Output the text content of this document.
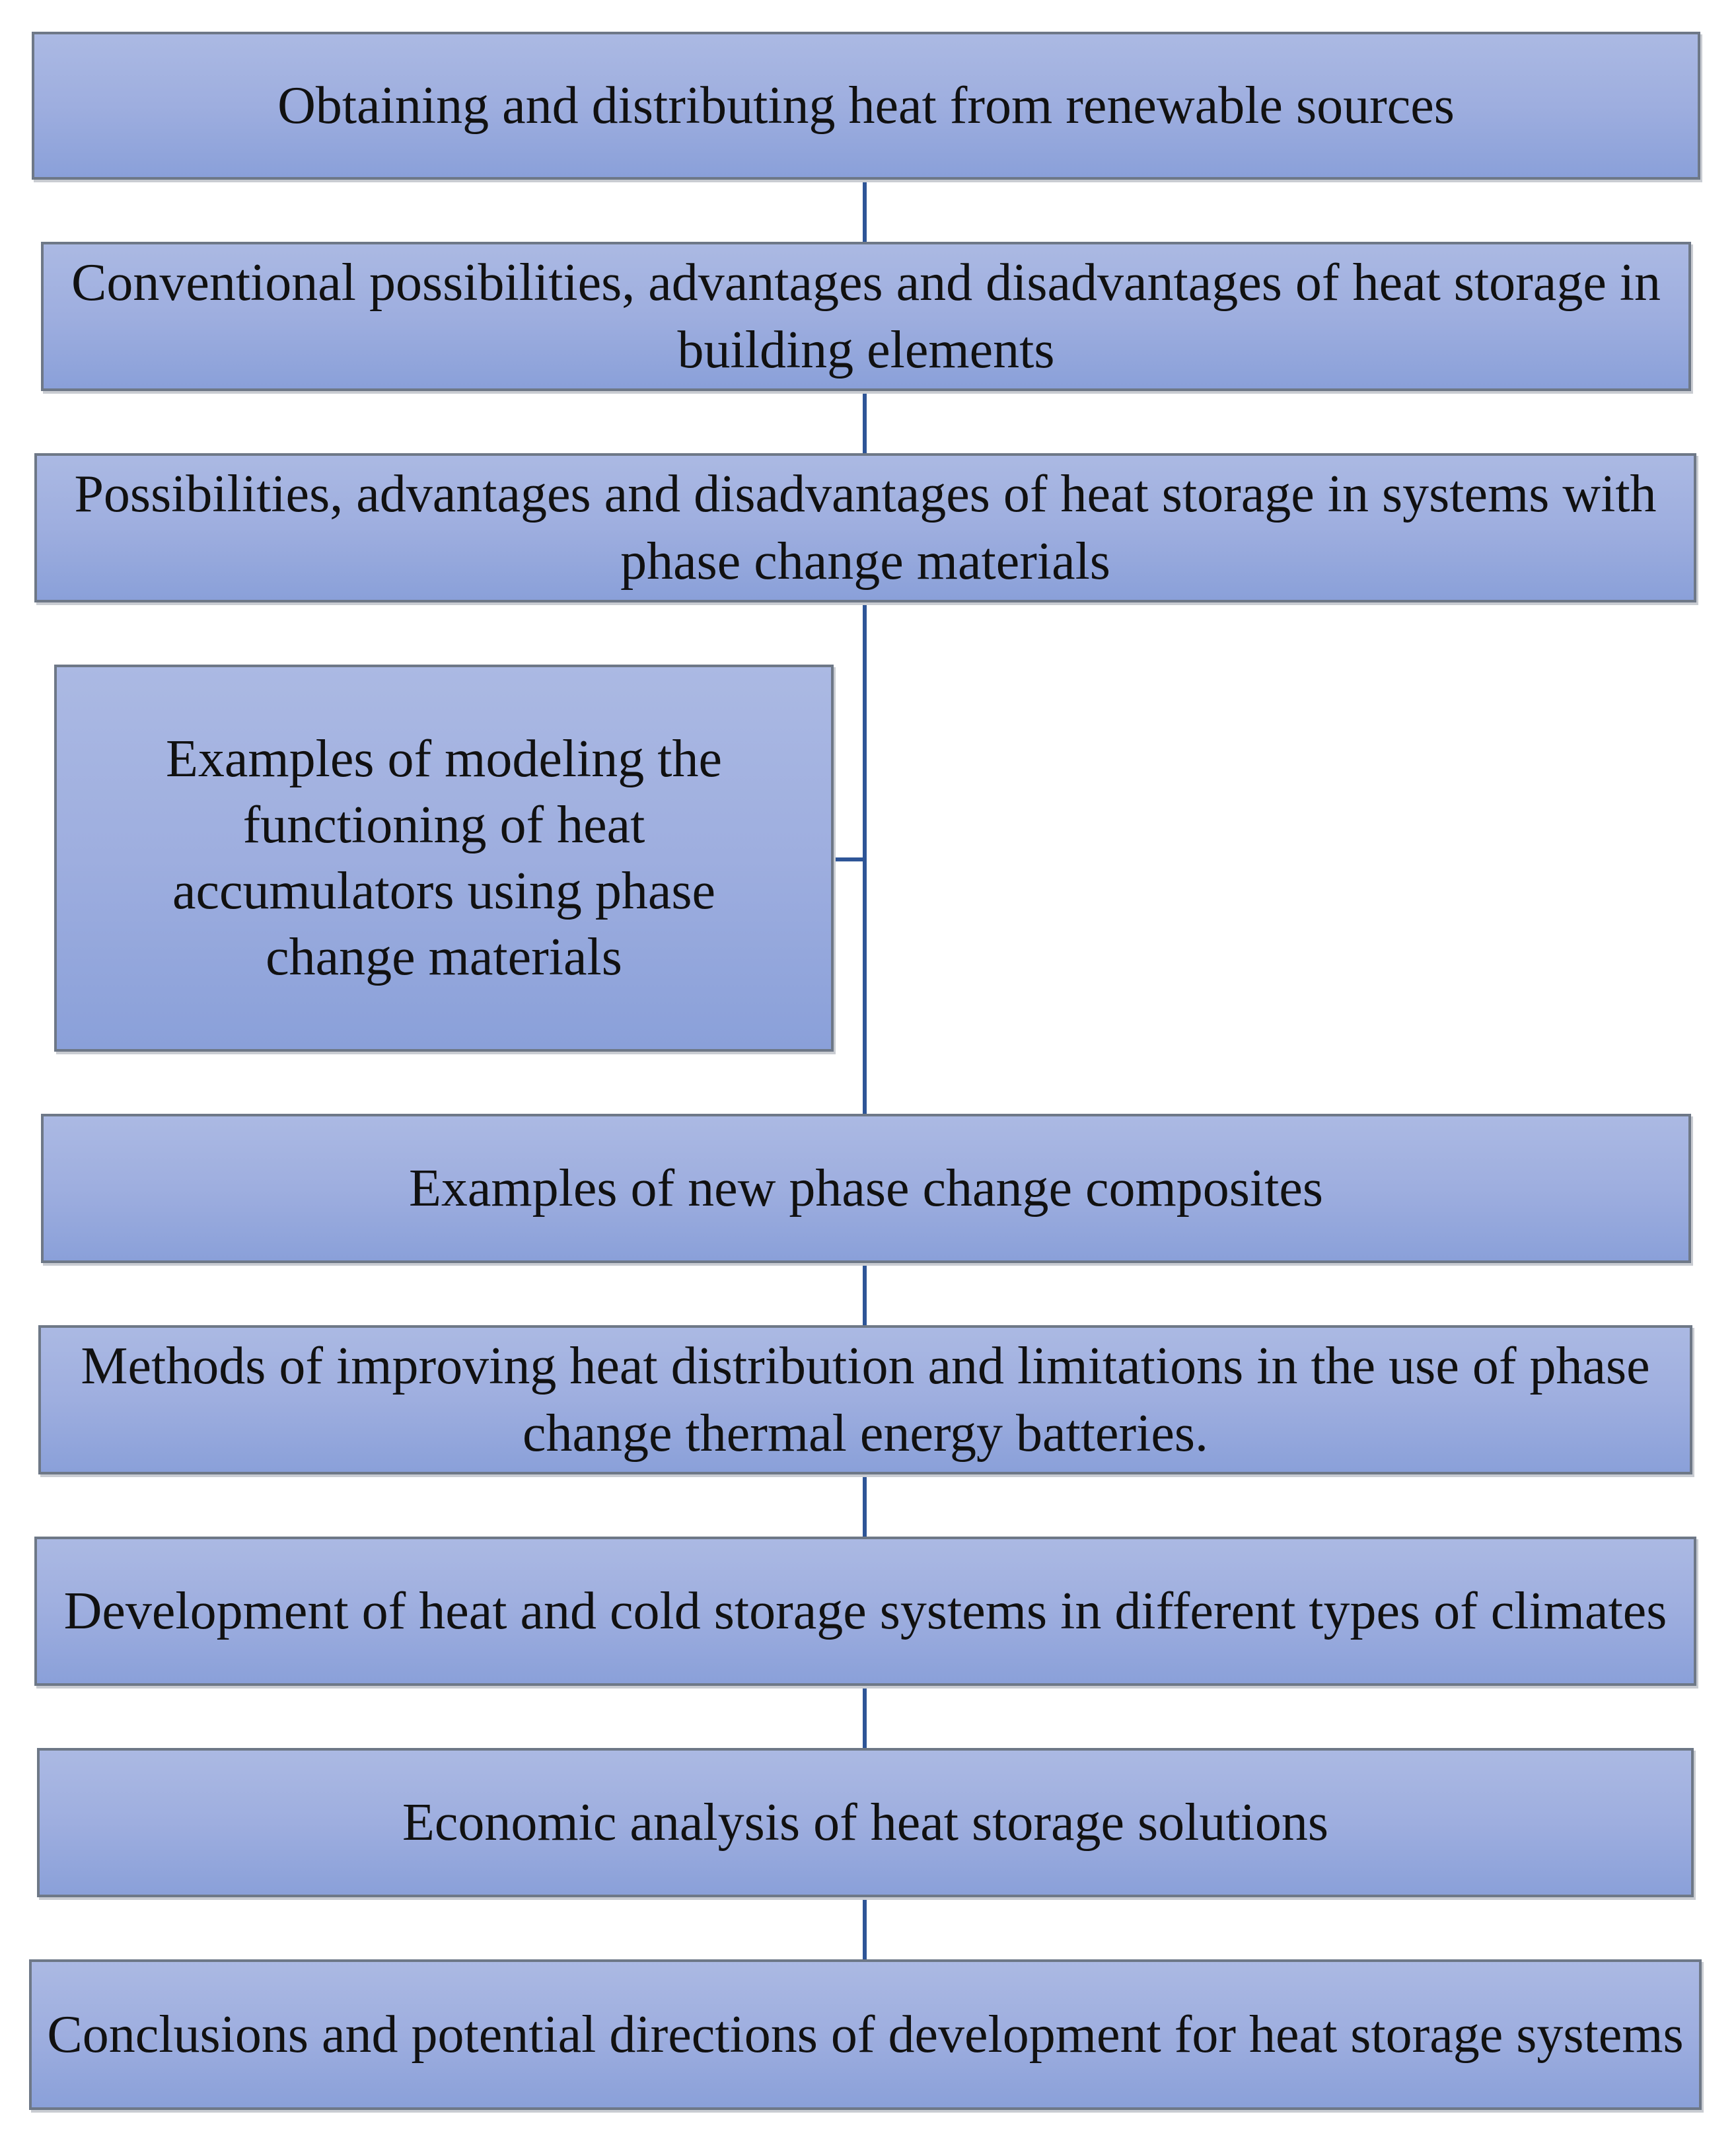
Obtaining and distributing heat from renewable sources
Conventional possibilities, advantages and disadvantages of heat storage in building elements
Possibilities, advantages and disadvantages of heat storage in systems with phase change materials
Examples of modeling the functioning of heat accumulators using phase change materials
Examples of new phase change composites
Methods of improving heat distribution and limitations in the use of phase change thermal energy batteries.
Development of heat and cold storage systems in different types of climates
Economic analysis of heat storage solutions
Conclusions and potential directions of development for heat storage systems
